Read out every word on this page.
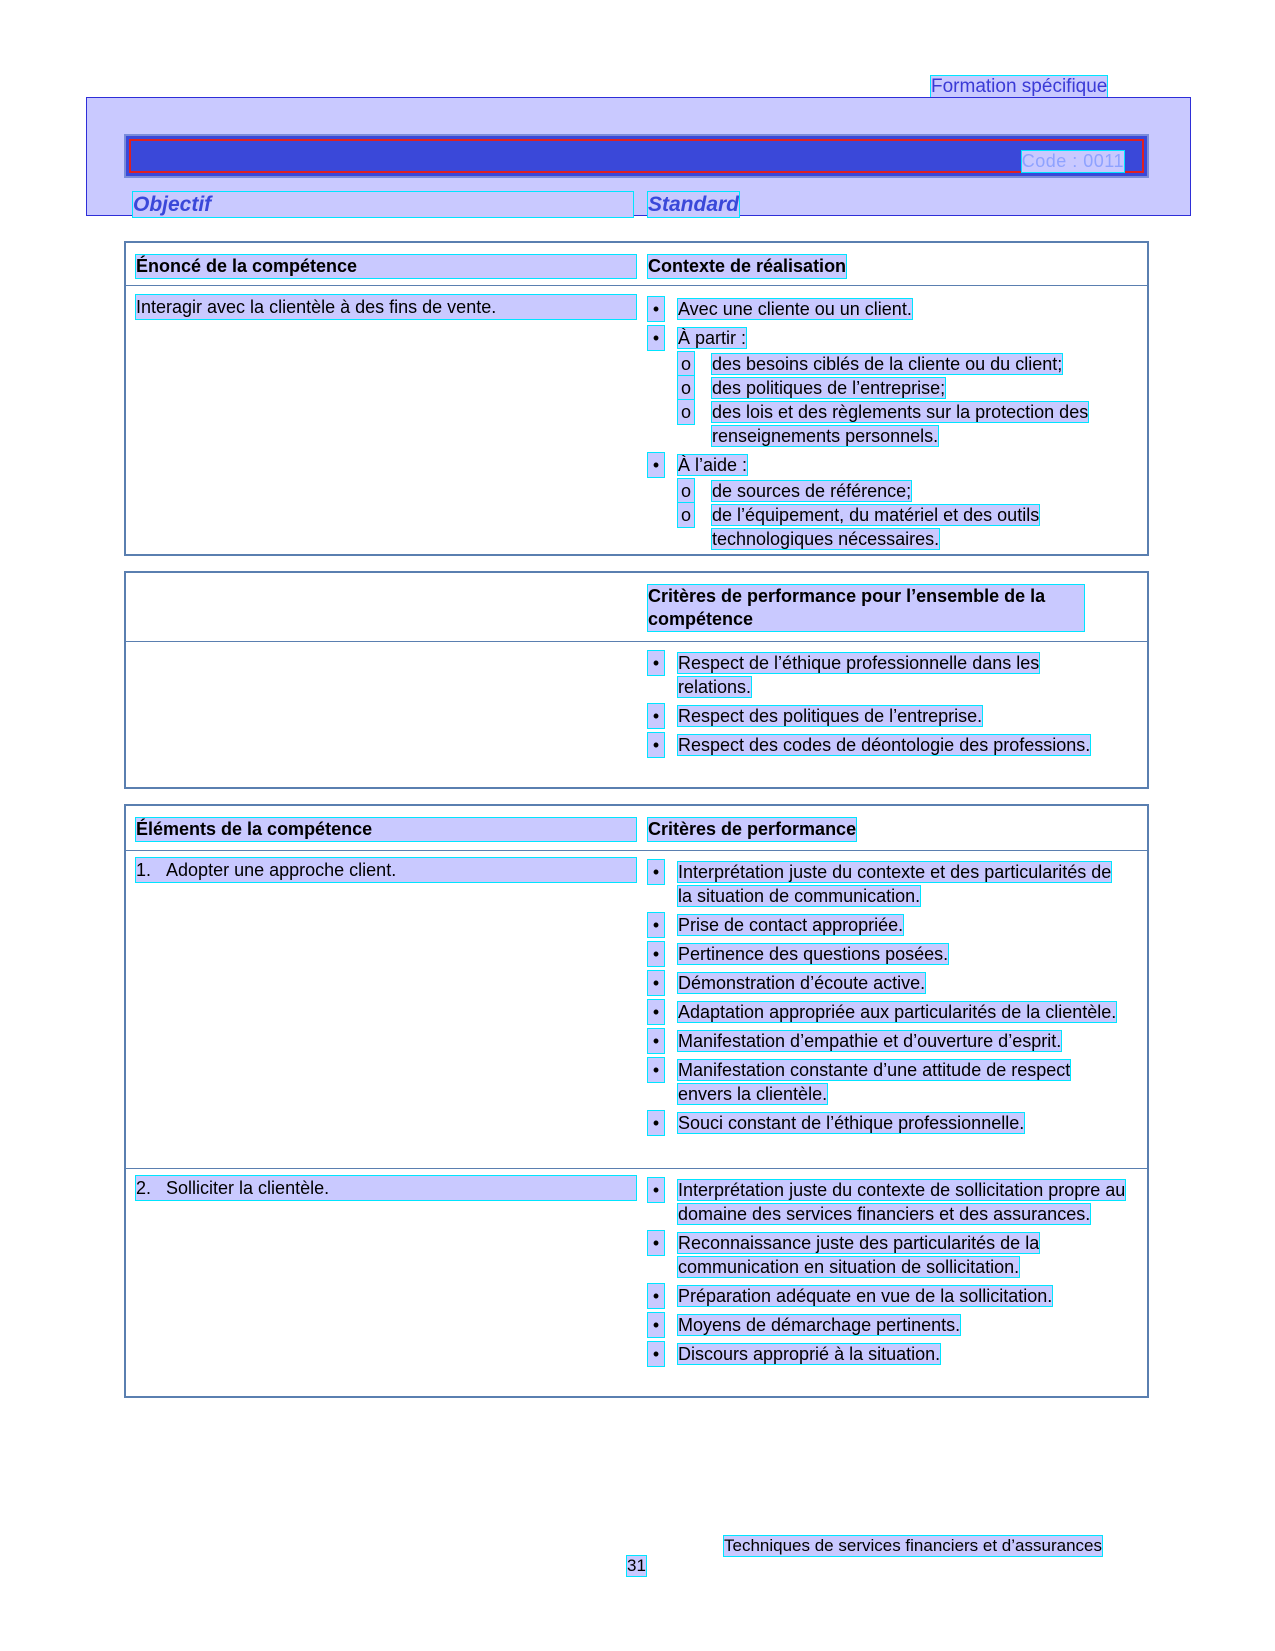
Formation spécifique
Code : 0011
Objectif	Standard
Énoncé de la compétence	Contexte de réalisation
Interagir avec la clientèle à des fins de vente.	• Avec une cliente ou un client.
• À partir :
o des besoins ciblés de la cliente ou du client;
o des politiques de l’entreprise;
o des lois et des règlements sur la protection des renseignements personnels.
• À l’aide :
o de sources de référence;
o de l’équipement, du matériel et des outils technologiques nécessaires.
Critères de performance pour l’ensemble de la compétence
• Respect de l’éthique professionnelle dans les relations.
• Respect des politiques de l’entreprise.
• Respect des codes de déontologie des professions.
Éléments de la compétence	Critères de performance
1. Adopter une approche client.	• Interprétation juste du contexte et des particularités de la situation de communication.
• Prise de contact appropriée.
• Pertinence des questions posées.
• Démonstration d’écoute active.
• Adaptation appropriée aux particularités de la clientèle.
• Manifestation d’empathie et d’ouverture d’esprit.
• Manifestation constante d’une attitude de respect envers la clientèle.
• Souci constant de l’éthique professionnelle.
2. Solliciter la clientèle.	• Interprétation juste du contexte de sollicitation propre au domaine des services financiers et des assurances.
• Reconnaissance juste des particularités de la communication en situation de sollicitation.
• Préparation adéquate en vue de la sollicitation.
• Moyens de démarchage pertinents.
• Discours approprié à la situation.
Techniques de services financiers et d’assurances
31
